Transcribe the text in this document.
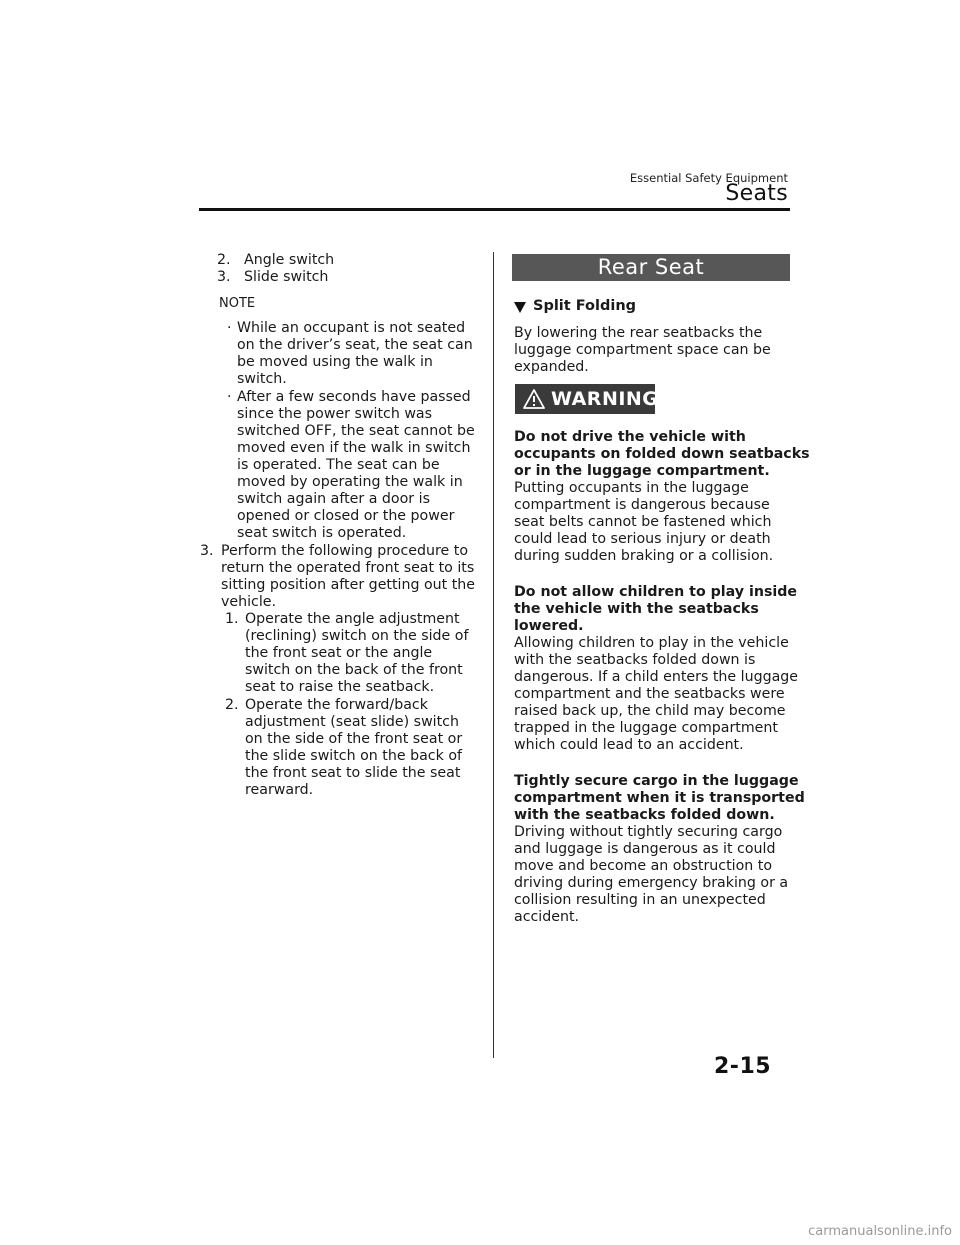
Essential Safety Equipment
Seats
2. Angle switch
3. Slide switch
NOTE
· While an occupant is not seated
on the driver’s seat, the seat can
be moved using the walk in
switch.
· After a few seconds have passed
since the power switch was
switched OFF, the seat cannot be
moved even if the walk in switch
is operated. The seat can be
moved by operating the walk in
switch again after a door is
opened or closed or the power
seat switch is operated.
3. Perform the following procedure to
return the operated front seat to its
sitting position after getting out the
vehicle.
1. Operate the angle adjustment
(reclining) switch on the side of
the front seat or the angle
switch on the back of the front
seat to raise the seatback.
2. Operate the forward/back
adjustment (seat slide) switch
on the side of the front seat or
the slide switch on the back of
the front seat to slide the seat
rearward.
Rear Seat
Split Folding
By lowering the rear seatbacks the
luggage compartment space can be
expanded.
WARNING
Do not drive the vehicle with
occupants on folded down seatbacks
or in the luggage compartment.
Putting occupants in the luggage
compartment is dangerous because
seat belts cannot be fastened which
could lead to serious injury or death
during sudden braking or a collision.
Do not allow children to play inside
the vehicle with the seatbacks
lowered.
Allowing children to play in the vehicle
with the seatbacks folded down is
dangerous. If a child enters the luggage
compartment and the seatbacks were
raised back up, the child may become
trapped in the luggage compartment
which could lead to an accident.
Tightly secure cargo in the luggage
compartment when it is transported
with the seatbacks folded down.
Driving without tightly securing cargo
and luggage is dangerous as it could
move and become an obstruction to
driving during emergency braking or a
collision resulting in an unexpected
accident.
2-15
carmanualsonline.info
